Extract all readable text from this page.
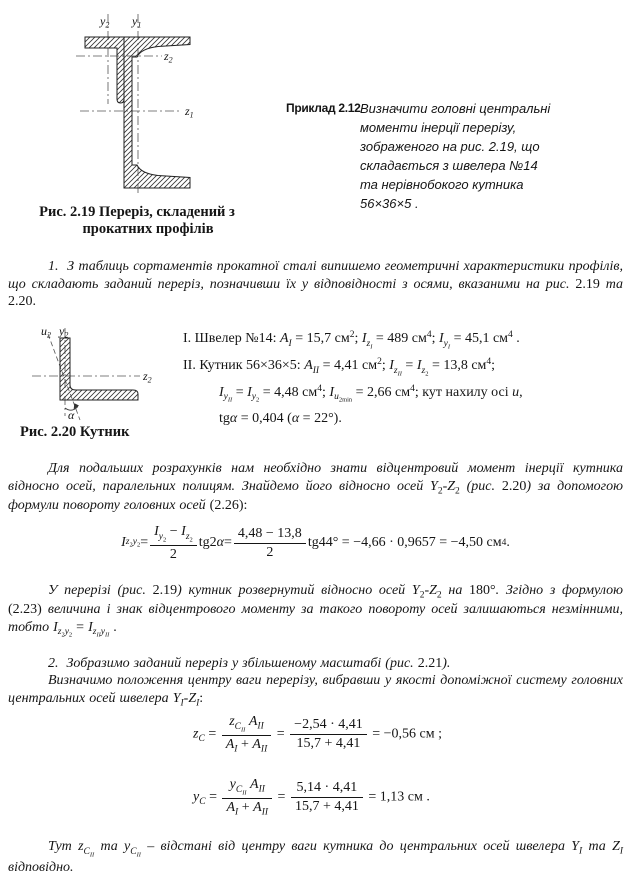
$y_2$ $y_1$
$z_2$
$z_1$
Рис. 2.19 Переріз, складений з
прокатних профілів
Приклад 2.12 Визначити головні центральні
моменти інерції перерізу,
зображеного на рис. 2.19, що
складається з швелера №14
та нерівнобокого кутника
56×36×5 .

1.  З таблиць сортаментів прокатної сталі випишемо геометричні характеристики профілів, що складають заданий переріз, позначивши їх у відповідності з осями, вказаними на рис. 2.19 та 2.20.

$u_2$ $y_2$
$z_2$
α
Рис. 2.20 Кутник
І. Швелер №14: $A_I = 15,7$ $см^2$; $I_{z_I} = 489$ $см^4$; $I_{y_I} = 45,1$ $см^4$ .
ІІ. Кутник 56×36×5: $A_{II} = 4,41$ $см^2$; $I_{z_{II}} = I_{z_2} = 13,8$ $см^4$;
$I_{y_{II}} = I_{y_2} = 4,48$ $см^4$; $I_{u_{2min}} = 2,66$ $см^4$; кут нахилу осі u,
tgα = 0,404 (α = 22°).

Для подальших розрахунків нам необхідно знати відцентровий момент інерції кутника відносно осей, паралельних полицям. Знайдемо його відносно осей $Y_2-Z_2$ (рис. 2.20) за допомогою формули повороту головних осей (2.26):

I $z_2y_2 = \frac{I_{y_2} - I_{z_2}}{2} tg2$ $\alpha = \frac{4,48 - 13,8}{2} tg44^\circ = -4,66 \cdot 0,9657 = -4,50$ см 4 .

У перерізі (рис. 2.19) кутник розвернутий відносно осей $Y_2-Z_2$ на 180°. Згідно з формулою (2.23) величина і знак відцентрового моменту за такого повороту осей залишаються незмінними, тобто $I_{z_2y_2} = I_{z_{II}y_{II}}$ .

2.  Зобразимо заданий переріз у збільшеному масштабі (рис. 2.21).

Визначимо положення центру ваги перерізу, вибравши у якості допоміжної систему головних центральних осей швелера $Y_I-Z_I$:

$z_C = \frac{z_{C_{II}} A_{II}}{A_I + A_{II}} = \frac{-2,54 \cdot 4,41}{15,7 + 4,41} = -0,56$ см ;
$y_C = \frac{y_{C_{II}} A_{II}}{A_I + A_{II}} = \frac{5,14 \cdot 4,41}{15,7 + 4,41} = 1,13$ см .

Тут $z_{C_{II}}$ та $y_{C_{II}}$ – відстані від центру ваги кутника до центральних осей швелера $Y_I$ та $Z_I$ відповідно.
